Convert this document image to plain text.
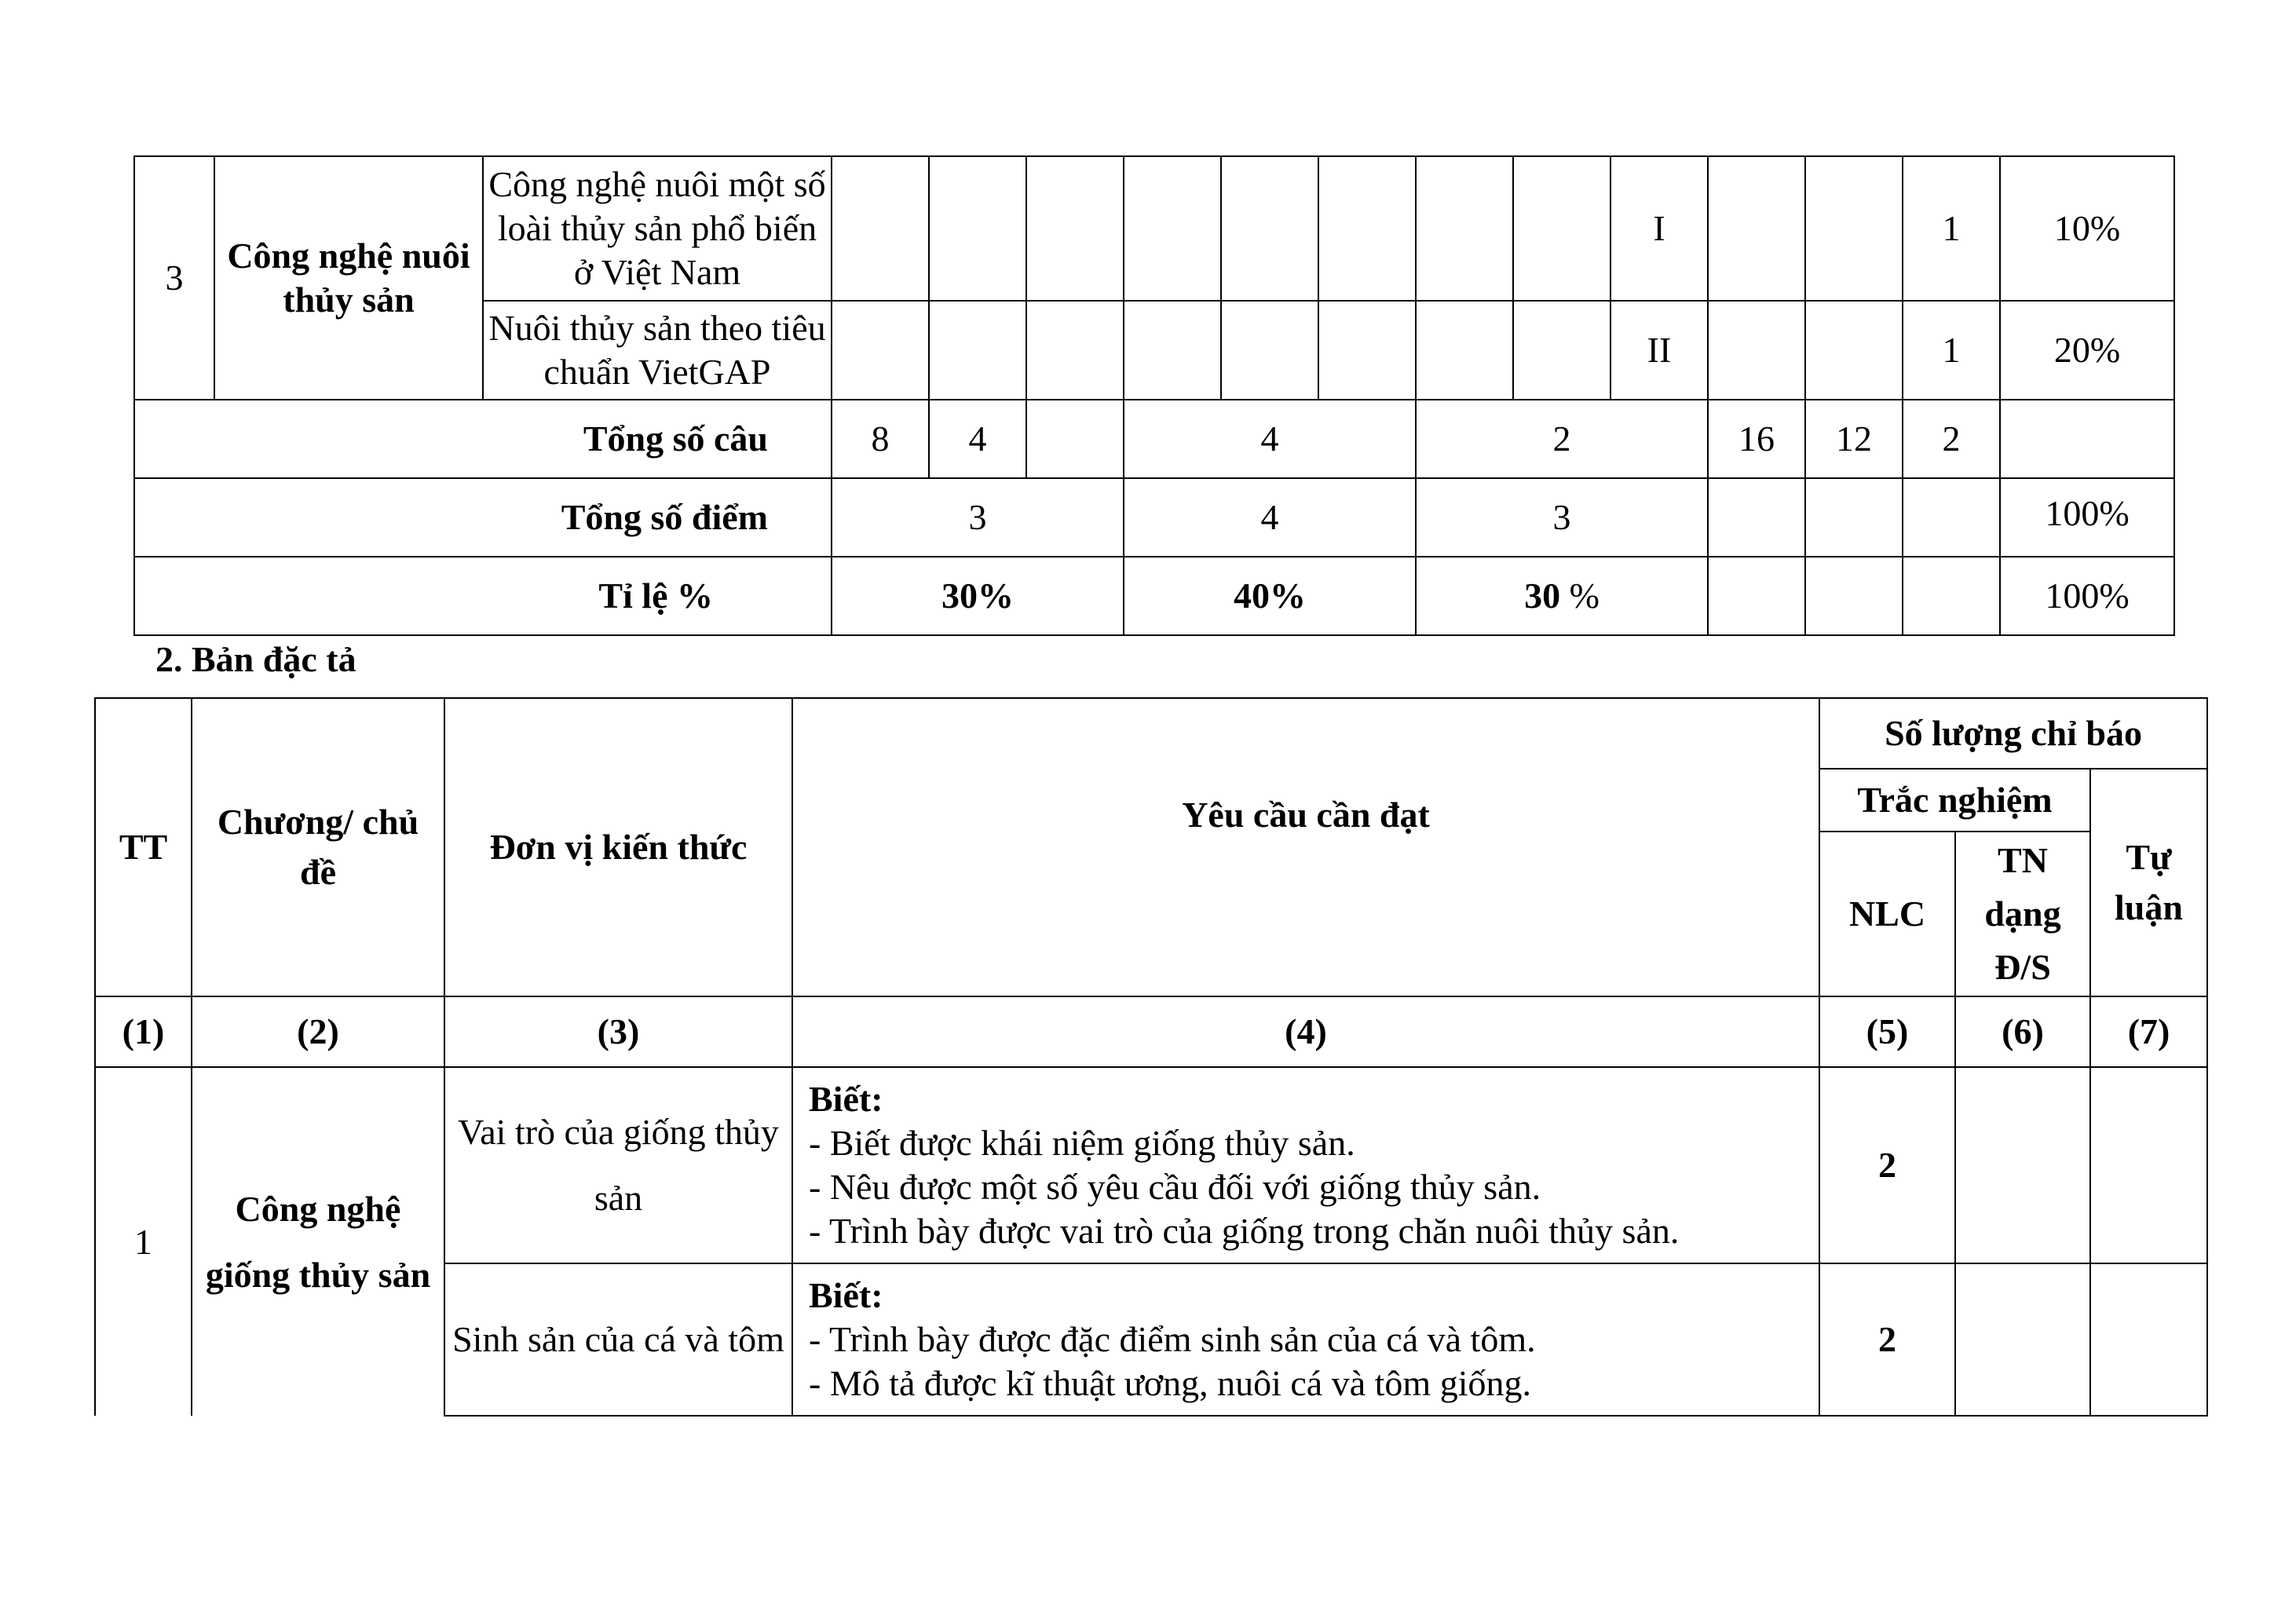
3	Công nghệ nuôi thủy sản	Công nghệ nuôi một số loài thủy sản phổ biến ở Việt Nam									I			1	10%
		Nuôi thủy sản theo tiêu chuẩn VietGAP									II			1	20%
Tổng số câu			8	4		4			2			16	12	2	
Tổng số điểm			3			4			3						100%
Tỉ lệ %			30%			40%			30 %						100%
2. Bản đặc tả
TT	Chương/ chủ đề	Đơn vị kiến thức	Yêu cầu cần đạt	Số lượng chỉ báo		
				Trắc nghiệm		Tự luận
				NLC	TN dạng Đ/S	
(1)	(2)	(3)	(4)	(5)	(6)	(7)
1	Công nghệ giống thủy sản	Vai trò của giống thủy sản	Biết:
- Biết được khái niệm giống thủy sản.
- Nêu được một số yêu cầu đối với giống thủy sản.
- Trình bày được vai trò của giống trong chăn nuôi thủy sản.	2		
		Sinh sản của cá và tôm	Biết:
- Trình bày được đặc điểm sinh sản của cá và tôm.
- Mô tả được kĩ thuật ương, nuôi cá và tôm giống.	2		
